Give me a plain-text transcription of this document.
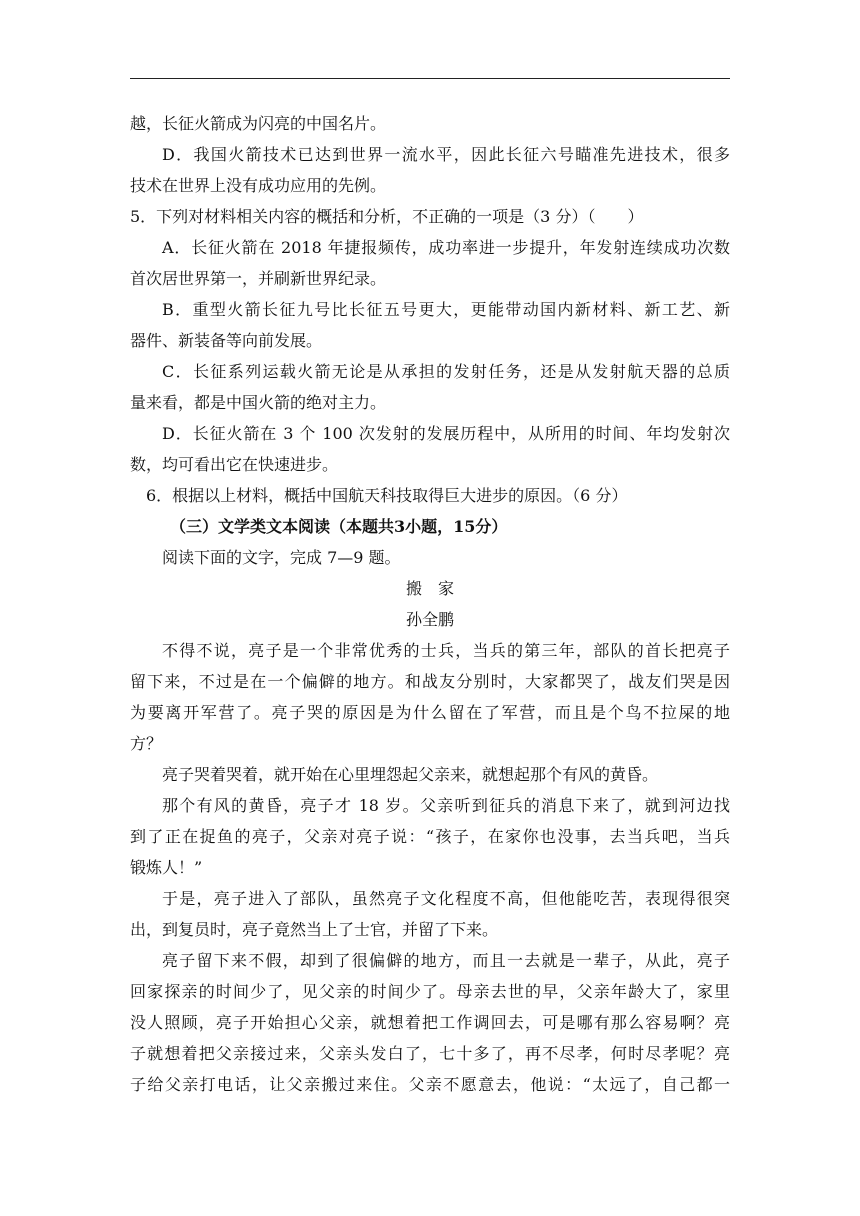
越，长征火箭成为闪亮的中国名片。
D．我国火箭技术已达到世界一流水平，因此长征六号瞄准先进技术，很多
技术在世界上没有成功应用的先例。
5．下列对材料相关内容的概括和分析，不正确的一项是（3 分）（　　）
A．长征火箭在 2018 年捷报频传，成功率进一步提升，年发射连续成功次数
首次居世界第一，并刷新世界纪录。
B．重型火箭长征九号比长征五号更大，更能带动国内新材料、新工艺、新
器件、新装备等向前发展。
C．长征系列运载火箭无论是从承担的发射任务，还是从发射航天器的总质
量来看，都是中国火箭的绝对主力。
D．长征火箭在 3 个 100 次发射的发展历程中，从所用的时间、年均发射次
数，均可看出它在快速进步。
6．根据以上材料，概括中国航天科技取得巨大进步的原因。（6 分）
（三）文学类文本阅读（本题共3小题，15分）
阅读下面的文字，完成 7—9 题。
搬　家
孙全鹏
不得不说，亮子是一个非常优秀的士兵，当兵的第三年，部队的首长把亮子
留下来，不过是在一个偏僻的地方。和战友分别时，大家都哭了，战友们哭是因
为要离开军营了。亮子哭的原因是为什么留在了军营，而且是个鸟不拉屎的地
方？
亮子哭着哭着，就开始在心里埋怨起父亲来，就想起那个有风的黄昏。
那个有风的黄昏，亮子才 18 岁。父亲听到征兵的消息下来了，就到河边找
到了正在捉鱼的亮子，父亲对亮子说：“孩子，在家你也没事，去当兵吧，当兵
锻炼人！”
于是，亮子进入了部队，虽然亮子文化程度不高，但他能吃苦，表现得很突
出，到复员时，亮子竟然当上了士官，并留了下来。
亮子留下来不假，却到了很偏僻的地方，而且一去就是一辈子，从此，亮子
回家探亲的时间少了，见父亲的时间少了。母亲去世的早，父亲年龄大了，家里
没人照顾，亮子开始担心父亲，就想着把工作调回去，可是哪有那么容易啊？亮
子就想着把父亲接过来，父亲头发白了，七十多了，再不尽孝，何时尽孝呢？亮
子给父亲打电话，让父亲搬过来住。父亲不愿意去，他说：“太远了，自己都一
